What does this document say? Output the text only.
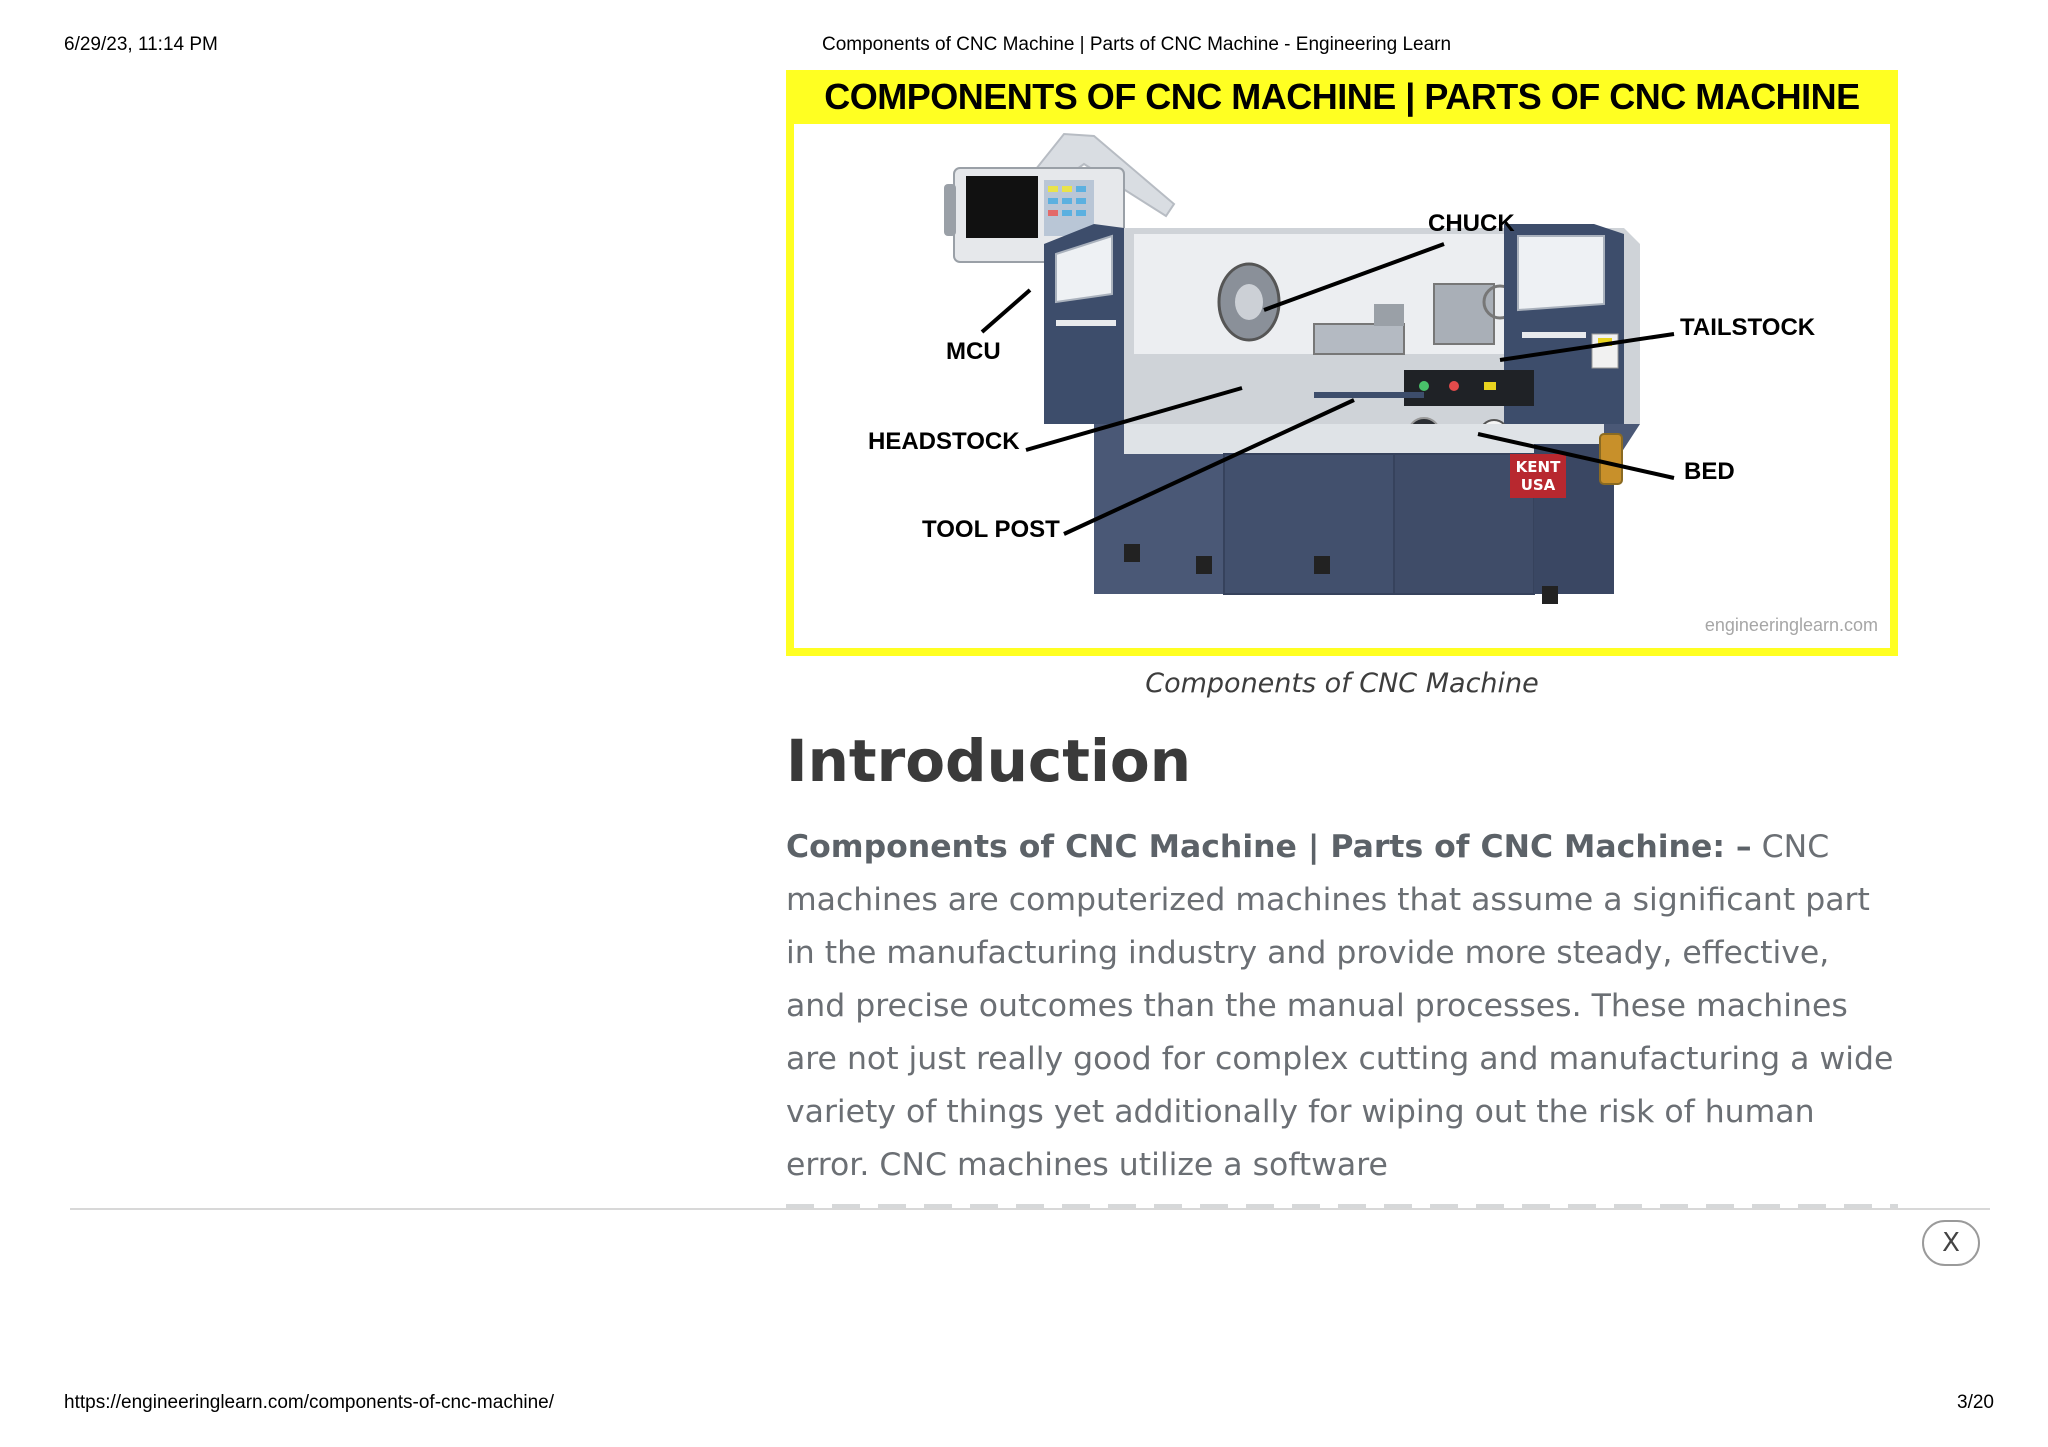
6/29/23, 11:14 PM	Components of CNC Machine | Parts of CNC Machine - Engineering Learn
COMPONENTS OF CNC MACHINE | PARTS OF CNC MACHINE
KENT
USA
CHUCK
MCU
TAILSTOCK
HEADSTOCK
BED
TOOL POST
engineeringlearn.com
Components of CNC Machine
Introduction

Components of CNC Machine | Parts of CNC Machine: – CNC machines are computerized machines that assume a significant part in the manufacturing industry and provide more steady, effective, and precise outcomes than the manual processes. These machines are not just really good for complex cutting and manufacturing a wide variety of things yet additionally for wiping out the risk of human error. CNC machines utilize a software

X
https://engineeringlearn.com/components-of-cnc-machine/	3/20
